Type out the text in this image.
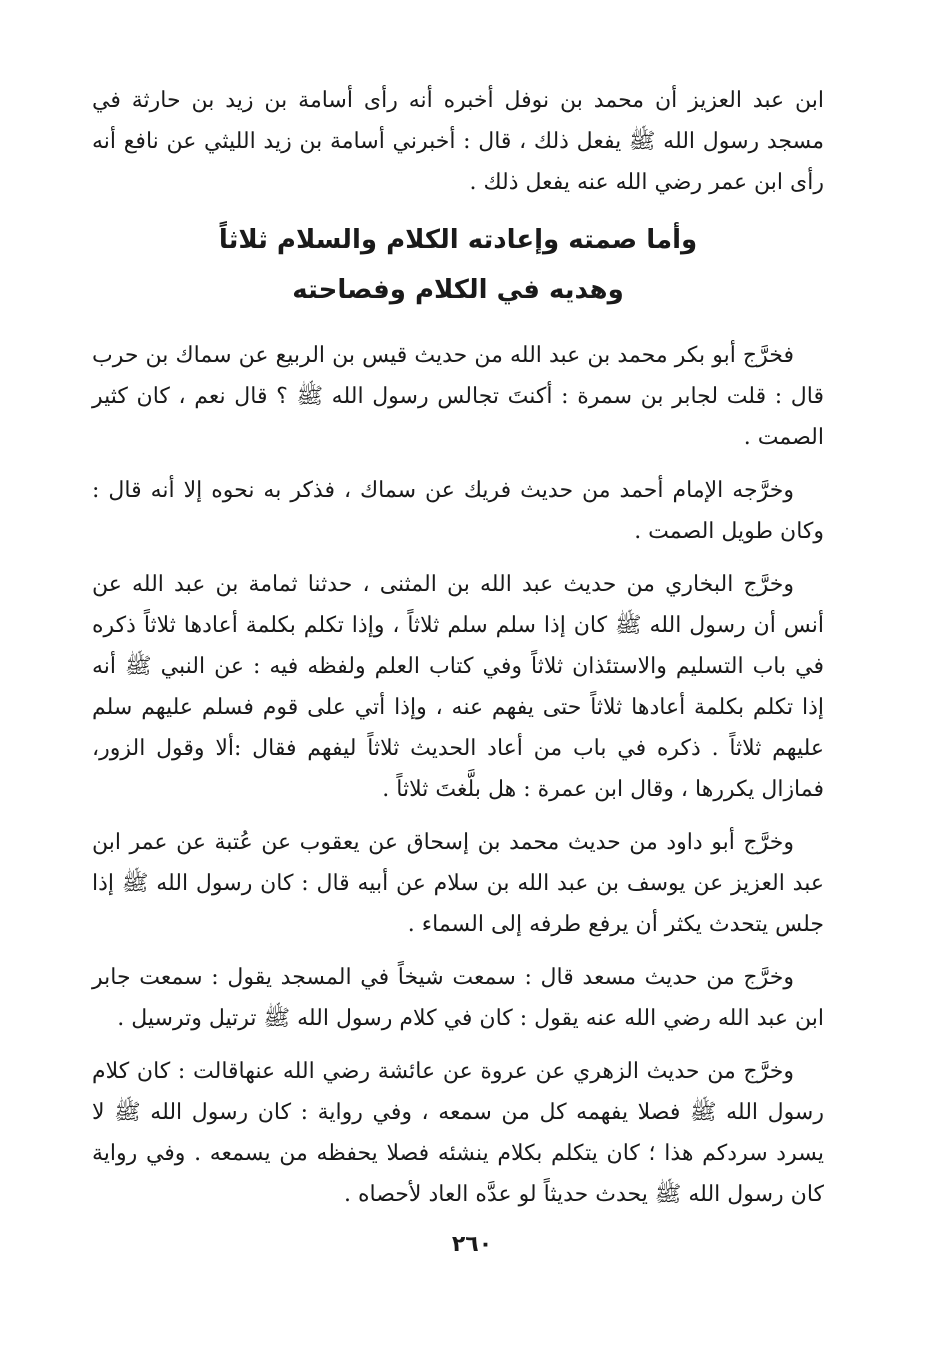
ابن عبد العزيز أن محمد بن نوفل أخبره أنه رأى أسامة بن زيد بن حارثة في مسجد رسول الله ﷺ يفعل ذلك ، قال : أخبرني أسامة بن زيد الليثي عن نافع أنه رأى ابن عمر رضي الله عنه يفعل ذلك .

وأما صمته وإعادته الكلام والسلام ثلاثاً

وهديه في الكلام وفصاحته

فخرَّج أبو بكر محمد بن عبد الله من حديث قيس بن الربيع عن سماك بن حرب قال : قلت لجابر بن سمرة : أكنتَ تجالس رسول الله ﷺ ؟ قال نعم ، كان كثير الصمت .

وخرَّجه الإمام أحمد من حديث فريك عن سماك ، فذكر به نحوه إلا أنه قال : وكان طويل الصمت .

وخرَّج البخاري من حديث عبد الله بن المثنى ، حدثنا ثمامة بن عبد الله عن أنس أن رسول الله ﷺ كان إذا سلم سلم ثلاثاً ، وإذا تكلم بكلمة أعادها ثلاثاً ذكره في باب التسليم والاستئذان ثلاثاً وفي كتاب العلم ولفظه فيه : عن النبي ﷺ أنه إذا تكلم بكلمة أعادها ثلاثاً حتى يفهم عنه ، وإذا أتي على قوم فسلم عليهم سلم عليهم ثلاثاً . ذكره في باب من أعاد الحديث ثلاثاً ليفهم فقال :ألا وقول الزور، فمازال يكررها ، وقال ابن عمرة : هل بلَّغتَ ثلاثاً .

وخرَّج أبو داود من حديث محمد بن إسحاق عن يعقوب عن عُتبة عن عمر ابن عبد العزيز عن يوسف بن عبد الله بن سلام عن أبيه قال : كان رسول الله ﷺ إذا جلس يتحدث يكثر أن يرفع طرفه إلى السماء .

وخرَّج من حديث مسعد قال : سمعت شيخاً في المسجد يقول : سمعت جابر ابن عبد الله رضي الله عنه يقول : كان في كلام رسول الله ﷺ ترتيل وترسيل .

وخرَّج من حديث الزهري عن عروة عن عائشة رضي الله عنهاقالت : كان كلام رسول الله ﷺ فصلا يفهمه كل من سمعه ، وفي رواية : كان رسول الله ﷺ لا يسرد سردكم هذا ؛ كان يتكلم بكلام ينشئه فصلا يحفظه من يسمعه . وفي رواية كان رسول الله ﷺ يحدث حديثاً لو عدَّه العاد لأحصاه .

٢٦٠
